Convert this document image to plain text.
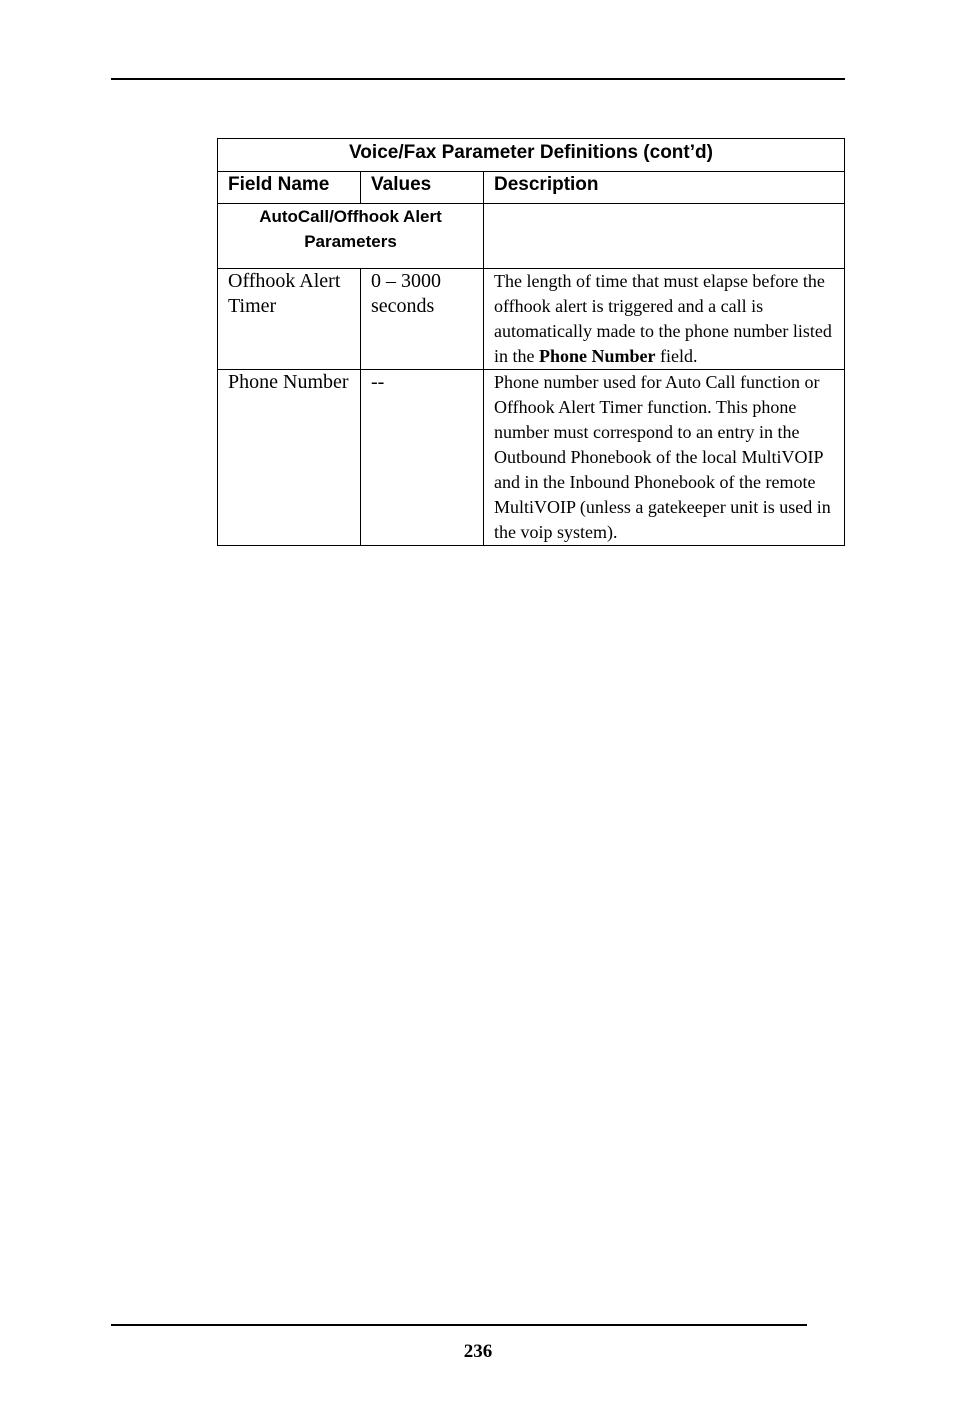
Voice/Fax Parameter Definitions (cont’d)		
Field Name	Values	Description
AutoCall/Offhook Alert Parameters		
Offhook Alert Timer	0 – 3000 seconds	The length of time that must elapse before the offhook alert is triggered and a call is automatically made to the phone number listed in the Phone Number field.
Phone Number	--	Phone number used for Auto Call function or Offhook Alert Timer function. This phone number must correspond to an entry in the Outbound Phonebook of the local MultiVOIP and in the Inbound Phonebook of the remote MultiVOIP (unless a gatekeeper unit is used in the voip system).
236
